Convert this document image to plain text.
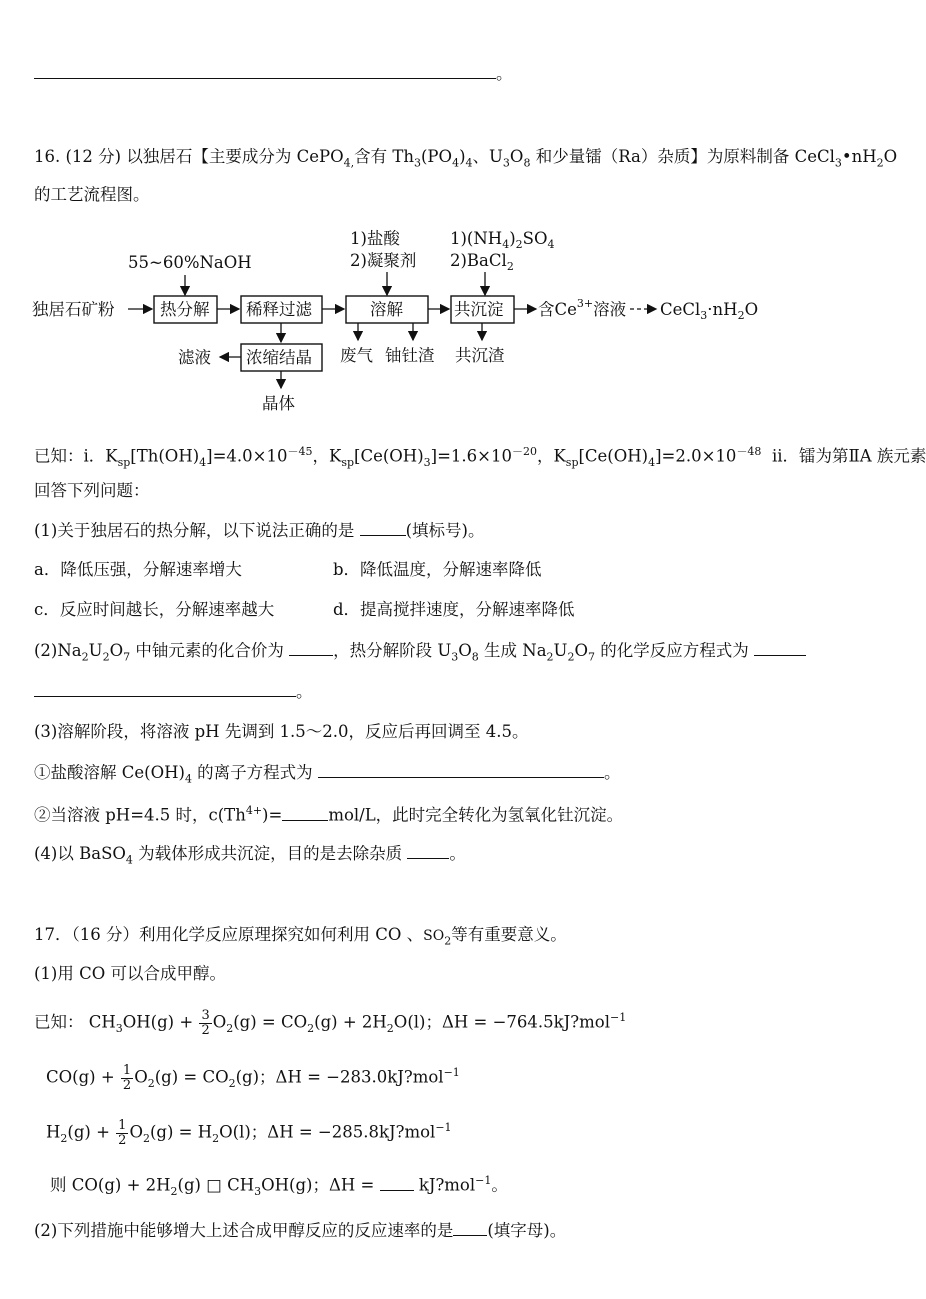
。
16. (12 分) 以独居石【主要成分为 CePO$_{4,}$含有 $Th_3(PO_4)_4$、$U_3O_8$ 和少量镭（Ra）杂质】为原料制备 $CeCl_3•nH_2O$
的工艺流程图。
55~60%NaOH
1)盐酸
2)凝聚剂
$1)(NH_4)_2SO_4$
2)BaCl$_2$
独居石矿粉	热分解 稀释过滤	溶解	共沉淀 含$Ce^{3+}$溶液 $CeCl_3\cdot nH_2O$
浓缩结晶
滤液
晶体
废气 铀钍渣 共沉渣
已知：i．$K_{sp}[Th(OH)_4]=4.0\times 10^{-45}$，$K_{sp}[Ce(OH)_3]=1.6\times 10^{-20}$，$K_{sp}[Ce(OH)_4]=2.0\times 10^{-48}$ ii．镭为第ⅡA 族元素
回答下列问题：
(1)关于独居石的热分解，以下说法正确的是	(填标号)。
a．降低压强，分解速率增大	b．降低温度，分解速率降低
c．反应时间越长，分解速率越大	d．提高搅拌速度，分解速率降低
$(2)Na_2U_2O_7$ 中铀元素的化合价为	，热分解阶段 $U_3O_8$ 生成 $Na_2U_2O_7$ 的化学反应方程式为
。
(3)溶解阶段，将溶液 pH 先调到 1.5～2.0，反应后再回调至 4.5。
①盐酸溶解 $Ce(OH)_4$ 的离子方程式为	。
②当溶液 pH=4.5 时，$c(Th^{4+})=$	mol/L，此时完全转化为氢氧化钍沉淀。
(4)以 BaSO$_4$ 为载体形成共沉淀，目的是去除杂质	。
17．（16 分）利用化学反应原理探究如何利用 CO 、$SO_2$等有重要意义。
(1)用 CO 可以合成甲醇。
已知： $CH_3OH(g) + \frac{3}{2} O_2(g) = CO_2(g) + 2H_2O(l)$；ΔH = −764.5kJ?mol$^{-1}$
$CO(g) + \frac{1}{2} O_2(g) = CO_2(g)$；ΔH = −283.0kJ?mol$^{-1}$
$H_2(g) + \frac{1}{2} O_2(g) = H_2O(l)$；ΔH = −285.8kJ?mol$^{-1}$
则 $CO(g) + 2H_2(g)$ □ $CH_3OH(g)$；ΔH =	kJ?mol$^{-1}$。
(2)下列措施中能够增大上述合成甲醇反应的反应速率的是 (填字母)。
